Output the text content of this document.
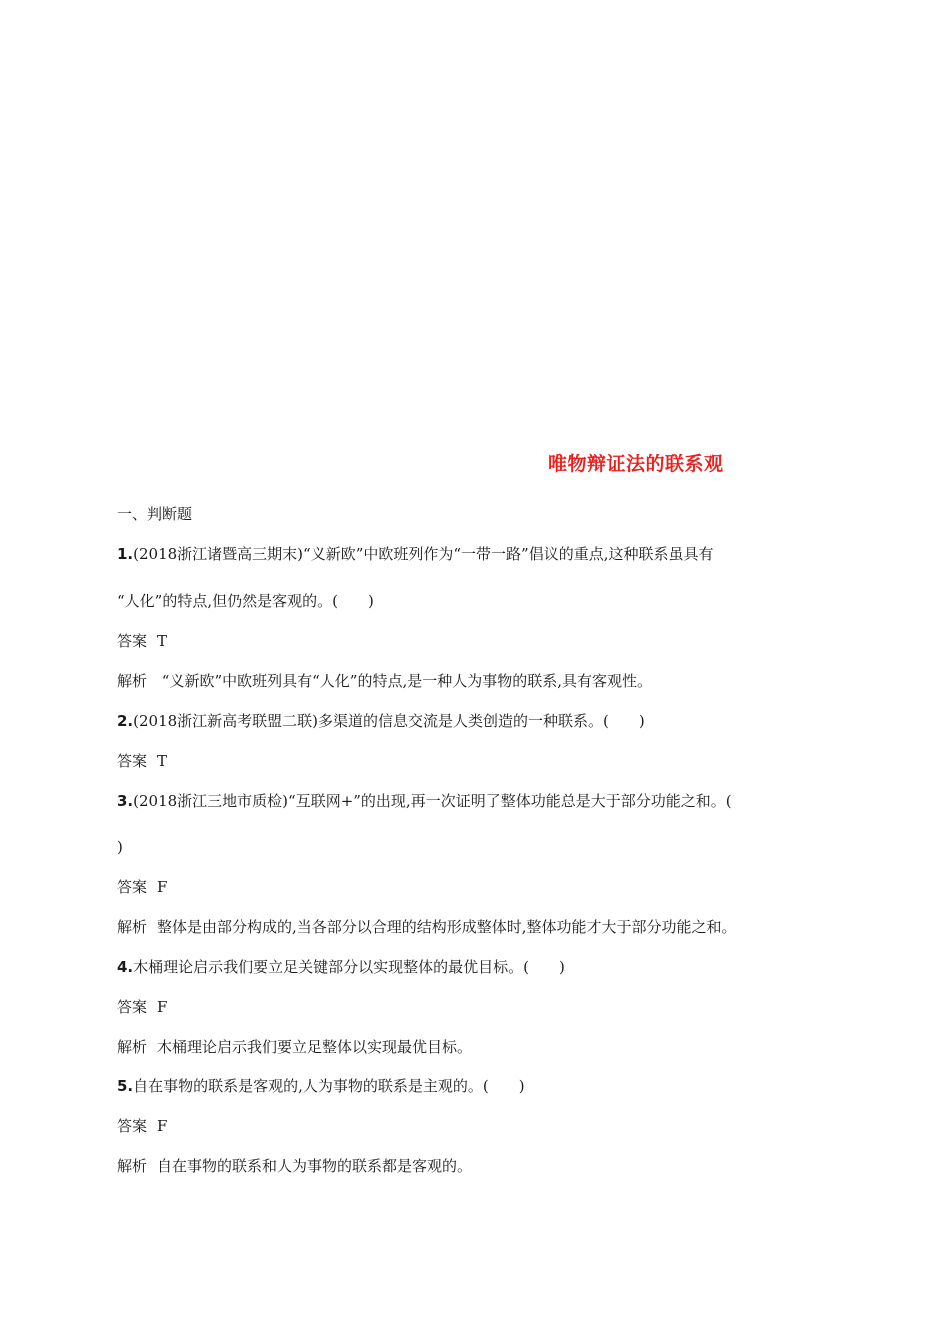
唯物辩证法的联系观
一、判断题
1.(2018浙江诸暨高三期末)“义新欧”中欧班列作为“一带一路”倡议的重点,这种联系虽具有
“人化”的特点,但仍然是客观的。(　　)
答案 T
解析 “义新欧”中欧班列具有“人化”的特点,是一种人为事物的联系,具有客观性。
2.(2018浙江新高考联盟二联)多渠道的信息交流是人类创造的一种联系。(　　)
答案 T
3.(2018浙江三地市质检)“互联网+”的出现,再一次证明了整体功能总是大于部分功能之和。(
)
答案 F
解析 整体是由部分构成的,当各部分以合理的结构形成整体时,整体功能才大于部分功能之和。
4.木桶理论启示我们要立足关键部分以实现整体的最优目标。(　　)
答案 F
解析 木桶理论启示我们要立足整体以实现最优目标。
5.自在事物的联系是客观的,人为事物的联系是主观的。(　　)
答案 F
解析 自在事物的联系和人为事物的联系都是客观的。
